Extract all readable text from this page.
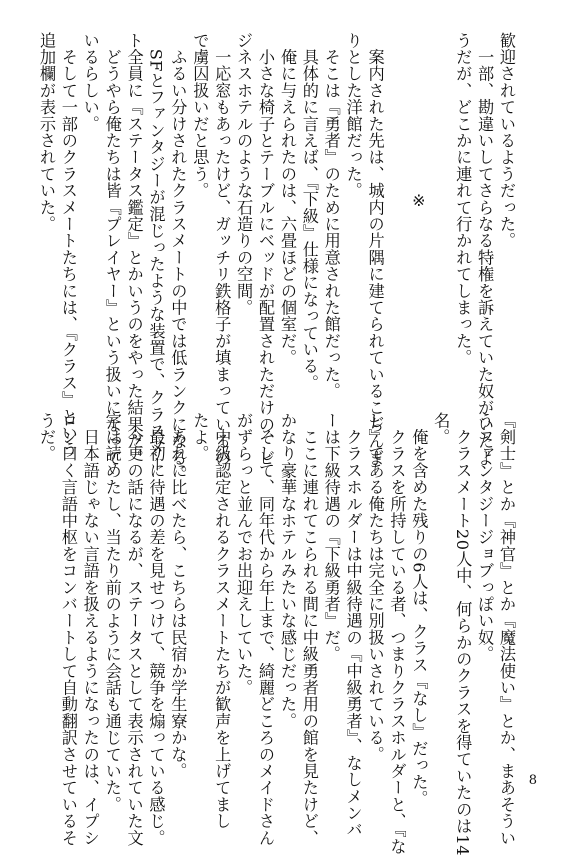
歓迎されているようだった。
　一部、勘違いしてさらなる特権を訴えていた奴がいたよ
うだが、どこかに連れて行かれてしまった。

※

　案内された先は、城内の片隅に建てられているこぢんま
りとした洋館だった。
　そこは『勇者』のために用意された館だった。
　具体的に言えば、『下級』仕様になっている。
　俺に与えられたのは、六畳ほどの個室だ。
　小さな椅子とテーブルにベッドが配置されただけの、ビ
ジネスホテルのような石造りの空間。
　一応窓もあったけど、ガッチリ鉄格子が填まっているの
で虜囚扱いだと思う。
　ふるい分けされたクラスメートの中では低ランクになる。
　SFとファンタジーが混じったような装置で、クラスメー
ト全員に『ステータス鑑定』とかいうのをやった結果だ。
　どうやら俺たちは皆『プレイヤー』という扱いになって
いるらしい。
　そして一部のクラスメートたちには、『クラス』という
追加欄が表示されていた。
『剣士』とか『神官』とか『魔法使い』とか、まあそうい
うファンタジージョブっぽい奴。
　クラスメート20人中、何らかのクラスを得ていたのは14
名。
　俺を含めた残りの6人は、クラス『なし』だった。
　クラスを所持している者、つまりクラスホルダーと、『な
し』である俺たちは完全に別扱いされている。
　クラスホルダーは中級待遇の『中級勇者』、なしメンバ
ーは下級待遇の『下級勇者』だ。
　ここに連れてこられる間に中級勇者用の館を見たけど、
かなり豪華なホテルみたいな感じだった。
　そして、同年代から年上まで、綺麗どころのメイドさん
がずらっと並んでお出迎えしていた。
　中級認定されるクラスメートたちが歓声を上げてまし
たよ。
　あれに比べたら、こちらは民宿か学生寮かな。
　最初に待遇の差を見せつけて、競争を煽っている感じ。
　今更の話になるが、ステータスとして表示されていた文
字は読めたし、当たり前のように会話も通じていた。
　日本語じゃない言語を扱えるようになったのは、イプシ
ロン曰く言語中枢をコンバートして自動翻訳させているそ
うだ。
8
